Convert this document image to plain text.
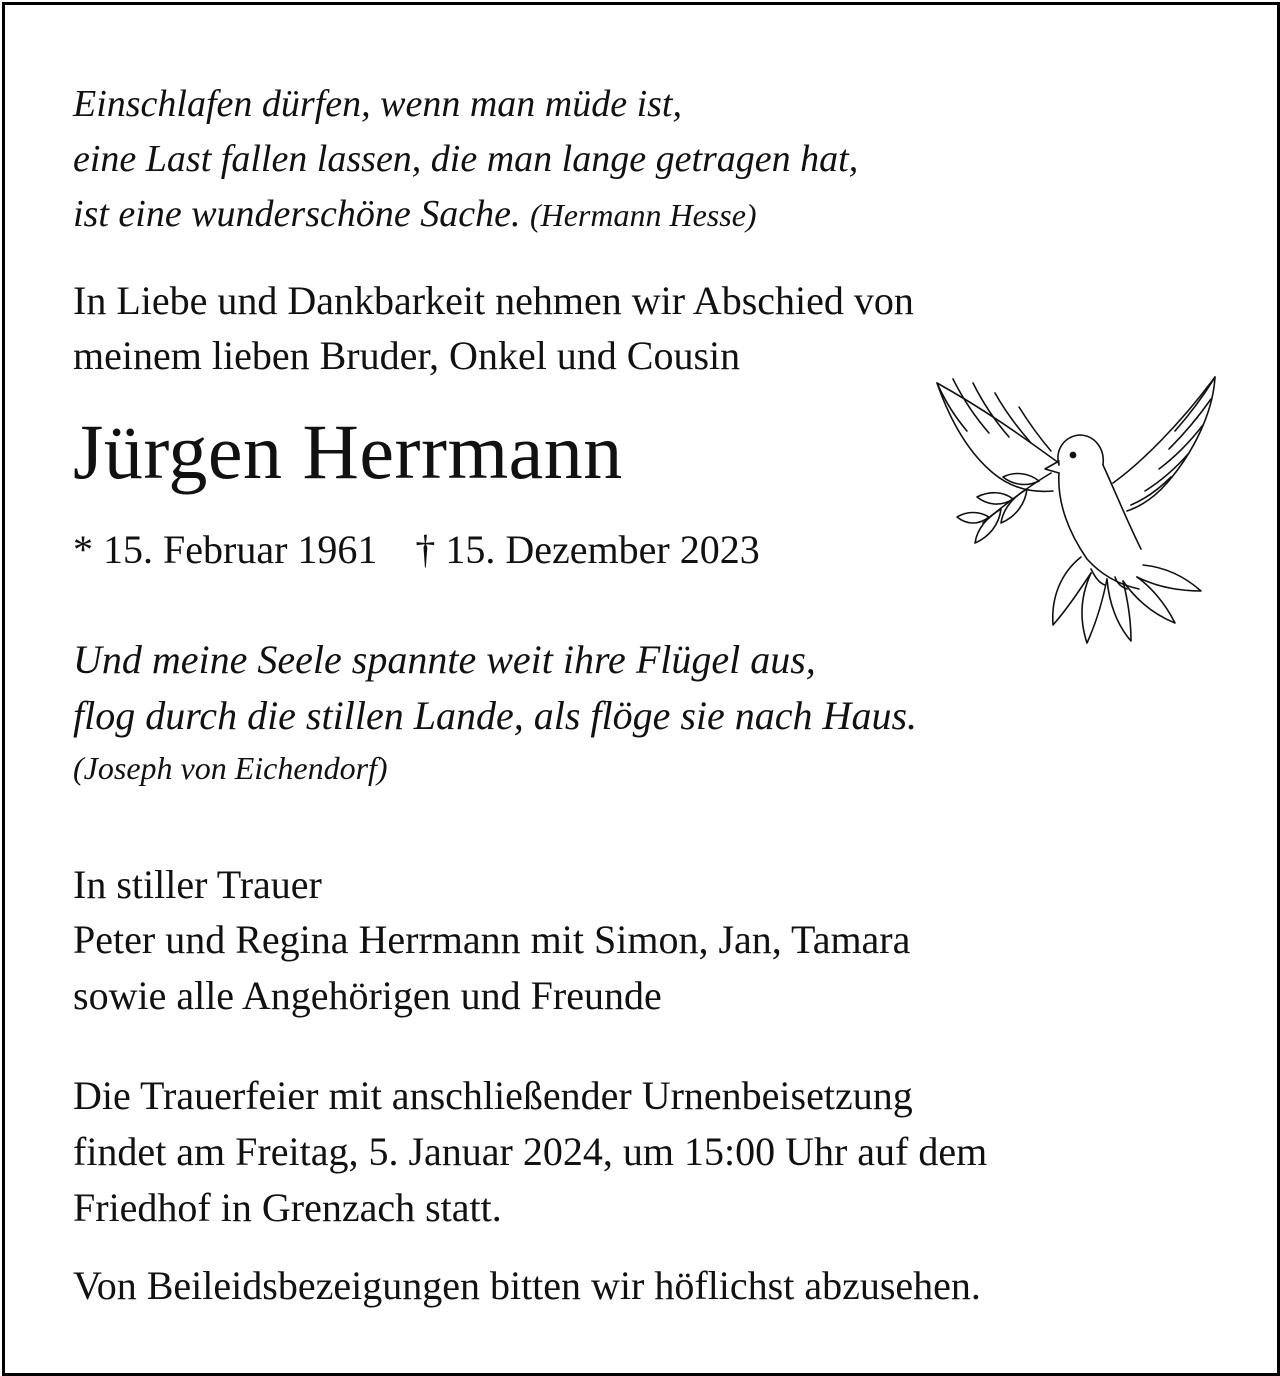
Einschlafen dürfen, wenn man müde ist,

eine Last fallen lassen, die man lange getragen hat,

ist eine wunderschöne Sache. (Hermann Hesse)

In Liebe und Dankbarkeit nehmen wir Abschied von

meinem lieben Bruder, Onkel und Cousin

Jürgen Herrmann

* 15. Februar 1961 † 15. Dezember 2023

Und meine Seele spannte weit ihre Flügel aus,

flog durch die stillen Lande, als flöge sie nach Haus.

(Joseph von Eichendorf)

In stiller Trauer

Peter und Regina Herrmann mit Simon, Jan, Tamara

sowie alle Angehörigen und Freunde

Die Trauerfeier mit anschließender Urnenbeisetzung

findet am Freitag, 5. Januar 2024, um 15:00 Uhr auf dem

Friedhof in Grenzach statt.

Von Beileidsbezeigungen bitten wir höflichst abzusehen.
